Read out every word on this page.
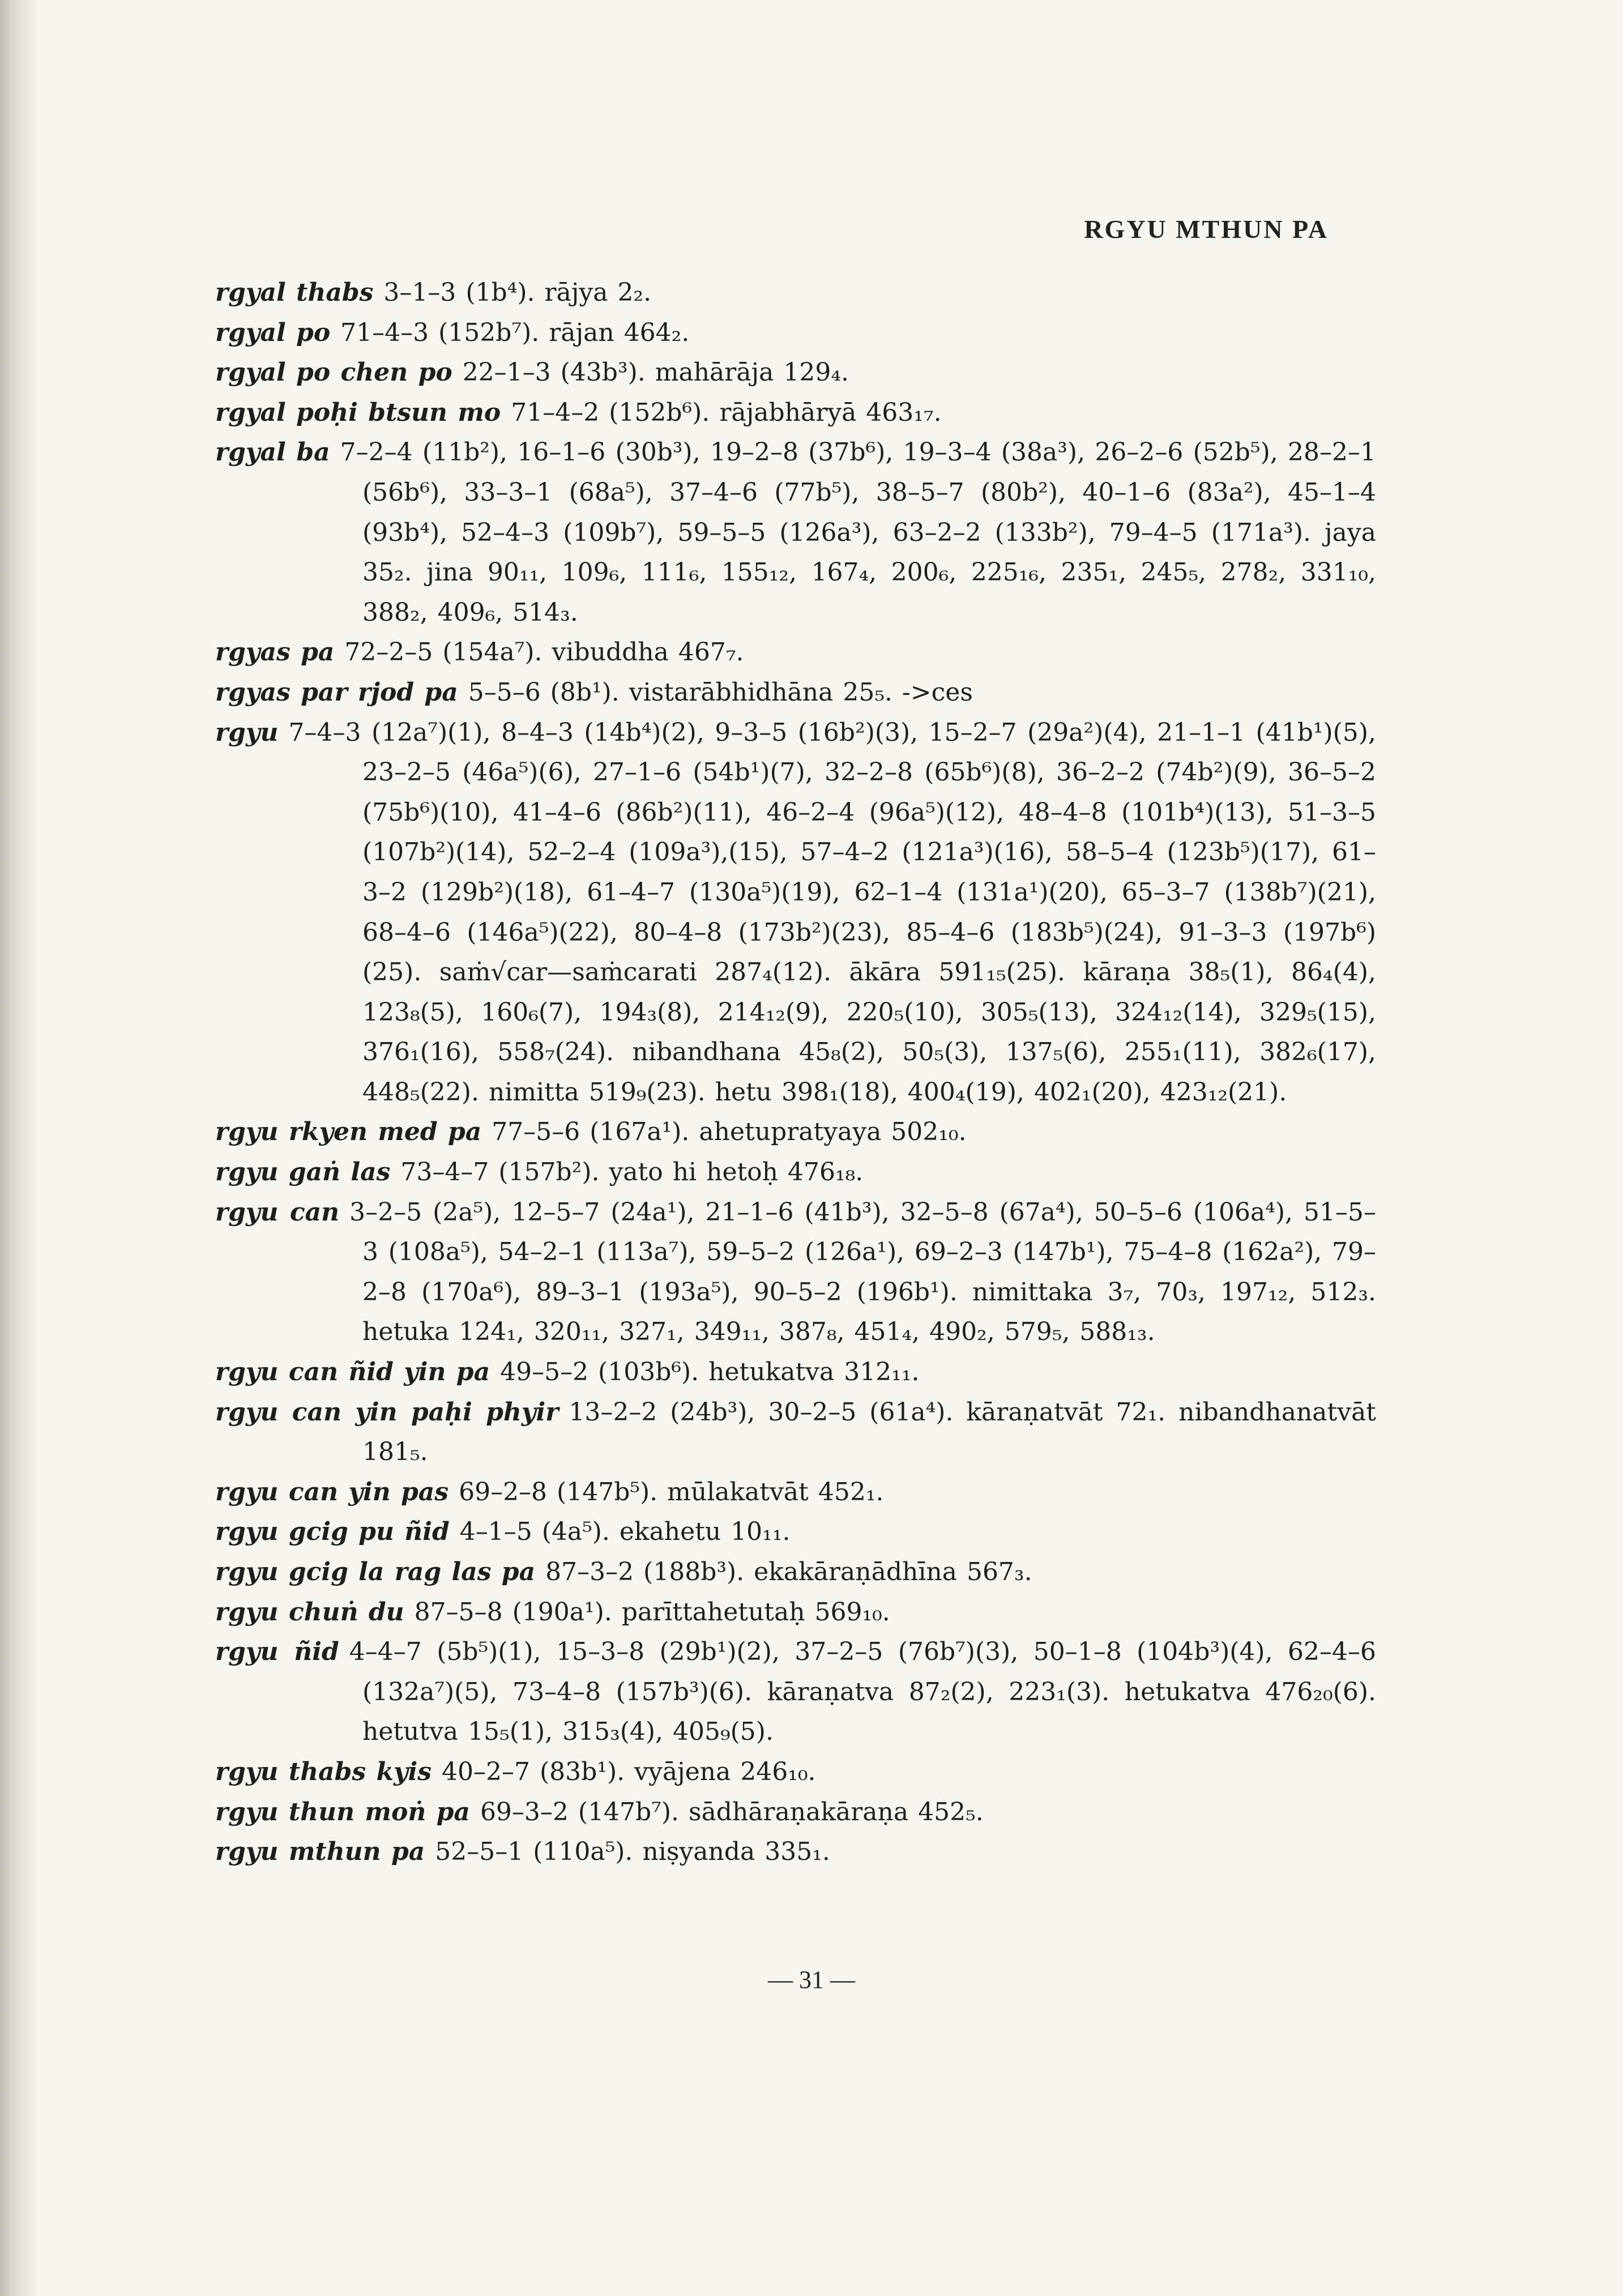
RGYU MTHUN PA

rgyal thabs 3–1–3 (1b⁴). rājya 2₂.

rgyal po 71–4–3 (152b⁷). rājan 464₂.

rgyal po chen po 22–1–3 (43b³). mahārāja 129₄.

rgyal poḥi btsun mo 71–4–2 (152b⁶). rājabhāryā 463₁₇.

rgyal ba 7–2–4 (11b²), 16–1–6 (30b³), 19–2–8 (37b⁶), 19–3–4 (38a³), 26–2–6 (52b⁵), 28–2–1 (56b⁶), 33–3–1 (68a⁵), 37–4–6 (77b⁵), 38–5–7 (80b²), 40–1–6 (83a²), 45–1–4 (93b⁴), 52–4–3 (109b⁷), 59–5–5 (126a³), 63–2–2 (133b²), 79–4–5 (171a³). jaya 35₂. jina 90₁₁, 109₆, 111₆, 155₁₂, 167₄, 200₆, 225₁₆, 235₁, 245₅, 278₂, 331₁₀, 388₂, 409₆, 514₃.

rgyas pa 72–2–5 (154a⁷). vibuddha 467₇.

rgyas par rjod pa 5–5–6 (8b¹). vistarābhidhāna 25₅. ->ces

rgyu 7–4–3 (12a⁷)(1), 8–4–3 (14b⁴)(2), 9–3–5 (16b²)(3), 15–2–7 (29a²)(4), 21–1–1 (41b¹)(5), 23–2–5 (46a⁵)(6), 27–1–6 (54b¹)(7), 32–2–8 (65b⁶)(8), 36–2–2 (74b²)(9), 36–5–2 (75b⁶)(10), 41–4–6 (86b²)(11), 46–2–4 (96a⁵)(12), 48–4–8 (101b⁴)(13), 51–3–5 (107b²)(14), 52–2–4 (109a³),(15), 57–4–2 (121a³)(16), 58–5–4 (123b⁵)(17), 61–3–2 (129b²)(18), 61–4–7 (130a⁵)(19), 62–1–4 (131a¹)(20), 65–3–7 (138b⁷)(21), 68–4–6 (146a⁵)(22), 80–4–8 (173b²)(23), 85–4–6 (183b⁵)(24), 91–3–3 (197b⁶)(25). saṁ√car—saṁcarati 287₄(12). ākāra 591₁₅(25). kāraṇa 38₅(1), 86₄(4), 123₈(5), 160₆(7), 194₃(8), 214₁₂(9), 220₅(10), 305₅(13), 324₁₂(14), 329₅(15), 376₁(16), 558₇(24). nibandhana 45₈(2), 50₅(3), 137₅(6), 255₁(11), 382₆(17), 448₅(22). nimitta 519₉(23). hetu 398₁(18), 400₄(19), 402₁(20), 423₁₂(21).

rgyu rkyen med pa 77–5–6 (167a¹). ahetupratyaya 502₁₀.

rgyu gaṅ las 73–4–7 (157b²). yato hi hetoḥ 476₁₈.

rgyu can 3–2–5 (2a⁵), 12–5–7 (24a¹), 21–1–6 (41b³), 32–5–8 (67a⁴), 50–5–6 (106a⁴), 51–5–3 (108a⁵), 54–2–1 (113a⁷), 59–5–2 (126a¹), 69–2–3 (147b¹), 75–4–8 (162a²), 79–2–8 (170a⁶), 89–3–1 (193a⁵), 90–5–2 (196b¹). nimittaka 3₇, 70₃, 197₁₂, 512₃. hetuka 124₁, 320₁₁, 327₁, 349₁₁, 387₈, 451₄, 490₂, 579₅, 588₁₃.

rgyu can ñid yin pa 49–5–2 (103b⁶). hetukatva 312₁₁.

rgyu can yin paḥi phyir 13–2–2 (24b³), 30–2–5 (61a⁴). kāraṇatvāt 72₁. nibandhanatvāt 181₅.

rgyu can yin pas 69–2–8 (147b⁵). mūlakatvāt 452₁.

rgyu gcig pu ñid 4–1–5 (4a⁵). ekahetu 10₁₁.

rgyu gcig la rag las pa 87–3–2 (188b³). ekakāraṇādhīna 567₃.

rgyu chuṅ du 87–5–8 (190a¹). parīttahetutaḥ 569₁₀.

rgyu ñid 4–4–7 (5b⁵)(1), 15–3–8 (29b¹)(2), 37–2–5 (76b⁷)(3), 50–1–8 (104b³)(4), 62–4–6 (132a⁷)(5), 73–4–8 (157b³)(6). kāraṇatva 87₂(2), 223₁(3). hetukatva 476₂₀(6). hetutva 15₅(1), 315₃(4), 405₉(5).

rgyu thabs kyis 40–2–7 (83b¹). vyājena 246₁₀.

rgyu thun moṅ pa 69–3–2 (147b⁷). sādhāraṇakāraṇa 452₅.

rgyu mthun pa 52–5–1 (110a⁵). niṣyanda 335₁.

— 31 —
